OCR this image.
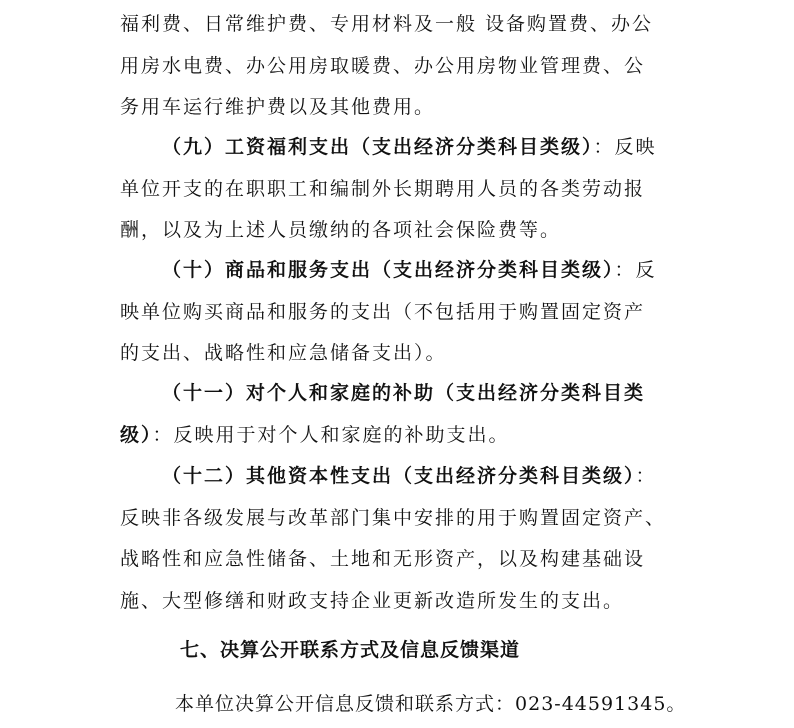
福利费、日常维护费、专用材料及一般 设备购置费、办公
用房水电费、办公用房取暖费、办公用房物业管理费、公
务用车运行维护费以及其他费用。
（九）工资福利支出（支出经济分类科目类级）：反映
单位开支的在职职工和编制外长期聘用人员的各类劳动报
酬，以及为上述人员缴纳的各项社会保险费等。
（十）商品和服务支出（支出经济分类科目类级）：反
映单位购买商品和服务的支出（不包括用于购置固定资产
的支出、战略性和应急储备支出）。
（十一）对个人和家庭的补助（支出经济分类科目类
级）：反映用于对个人和家庭的补助支出。
（十二）其他资本性支出（支出经济分类科目类级）：
反映非各级发展与改革部门集中安排的用于购置固定资产、
战略性和应急性储备、土地和无形资产，以及构建基础设
施、大型修缮和财政支持企业更新改造所发生的支出。
七、决算公开联系方式及信息反馈渠道
本单位决算公开信息反馈和联系方式：023-44591345。
